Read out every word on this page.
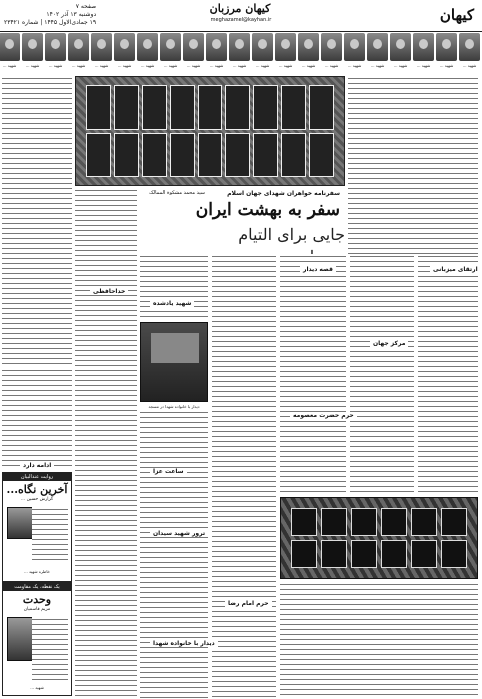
کیهان
کیهان مرزبان
meghazamel@kayhan.ir
صفحه ۷
دوشنبه ۱۳ آذر ۱۴۰۲
۱۹ جمادی‌الاول ۱۴۴۵ | شماره ۲۳۴۲۱
شهید ...
شهید ...
شهید ...
شهید ...
شهید ...
شهید ...
شهید ...
شهید ...
شهید ...
شهید ...
شهید ...
شهید ...
شهید ...
شهید ...
شهید ...
شهید ...
شهید ...
شهید ...
شهید ...
شهید ...
شهید ...
سفرنامه خواهران شهدای جهان اسلام
سید محمد مشکوة الممالک
سفر به بهشت ایران
جایی برای التیام
ارتقای میزبانی
قصه دیدار
شهید یادشده
مرکز جهان
حرم حضرت معصومه
ساعت عزا
ترور شهید سیدان
خداحافظی
حرم امام رضا
دیدار با خانواده شهدا
دیدار با خانواده شهدا در مسجد
روایت عندالبیان
آخرین نگاه...
گزارش حسین ...
خاطره شهید ...
یک نقطه، یک مقاومت
وحدت
مریم قاسمیان
شهید ...
ادامه دارد
